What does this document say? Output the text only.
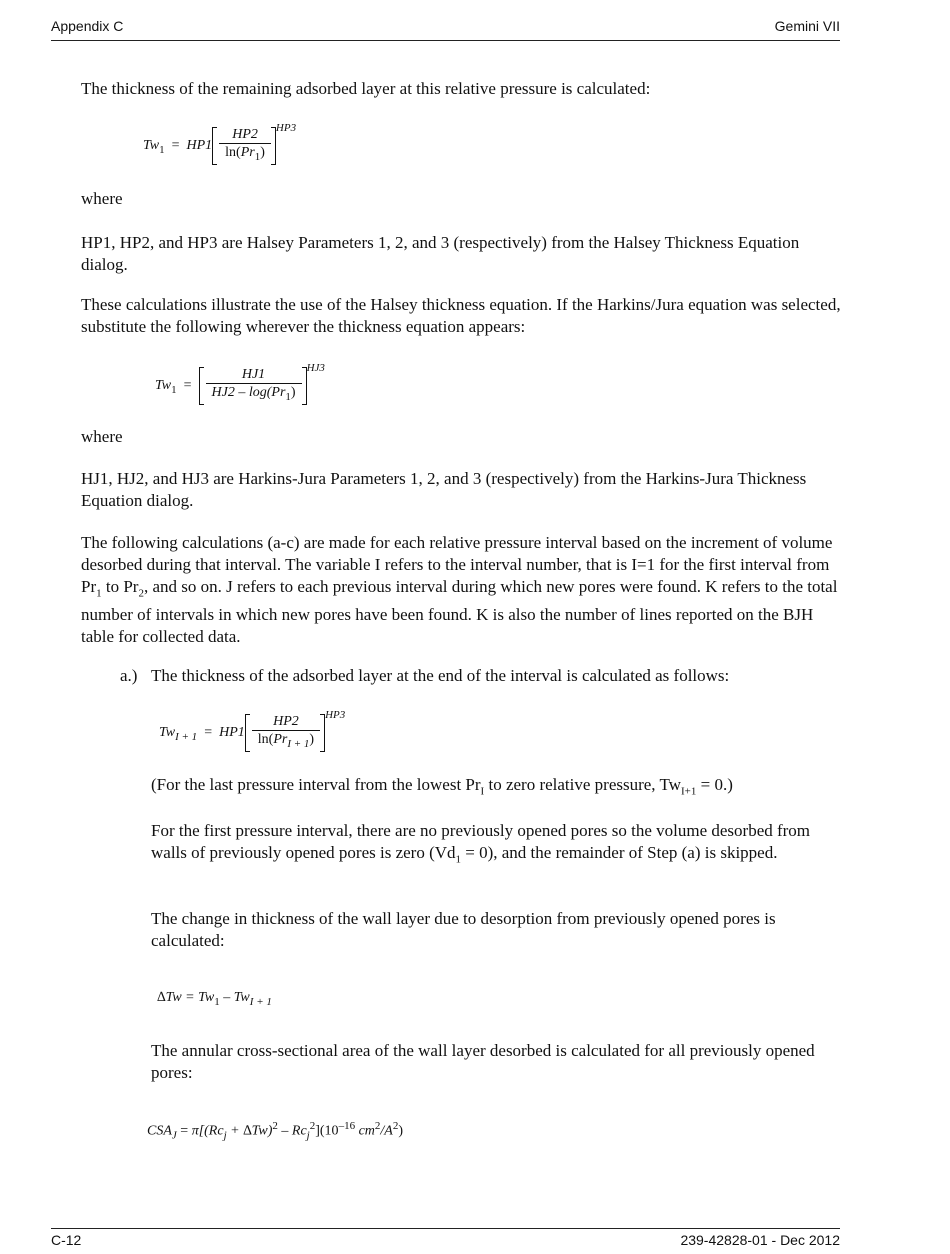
Appendix C	Gemini VII

The thickness of the remaining adsorbed layer at this relative pressure is calculated:

$Tw_1 = HP1 \frac{HP2}{\ln(Pr_1)} ^{HP3}$

where

HP1, HP2, and HP3 are Halsey Parameters 1, 2, and 3 (respectively) from the Halsey Thickness Equation dialog.

These calculations illustrate the use of the Halsey thickness equation. If the Harkins/Jura equation was selected, substitute the following wherever the thickness equation appears:

$Tw_1 = \frac{HJ1}{HJ2 - \log(Pr_1)} ^{HJ3}$

where

HJ1, HJ2, and HJ3 are Harkins-Jura Parameters 1, 2, and 3 (respectively) from the Harkins-Jura Thickness Equation dialog.

The following calculations (a-c) are made for each relative pressure interval based on the increment of volume desorbed during that interval. The variable I refers to the interval number, that is I=1 for the first interval from $Pr_1$ to $Pr_2$, and so on. J refers to each previous interval during which new pores were found. K refers to the total number of intervals in which new pores have been found. K is also the number of lines reported on the BJH table for collected data.

a.) The thickness of the adsorbed layer at the end of the interval is calculated as follows:

$Tw_{I + 1} = HP1 \frac{HP2}{\ln(Pr_{I + 1})} ^{HP3}$

(For the last pressure interval from the lowest $Pr_I$ to zero relative pressure, $Tw_{I+1} = 0$.)

For the first pressure interval, there are no previously opened pores so the volume desorbed from walls of previously opened pores is zero $(Vd_1 = 0)$, and the remainder of Step (a) is skipped.

The change in thickness of the wall layer due to desorption from previously opened pores is calculated:

$\Delta Tw = Tw_1 - Tw_{I + 1}$

The annular cross-sectional area of the wall layer desorbed is calculated for all previously opened pores:

$CSA_J = \pi[(Rc_j + \Delta Tw)^2 - Rc_j^2](10^{-16}$ $cm^2/A^2$)
C-12	239-42828-01 - Dec 2012
